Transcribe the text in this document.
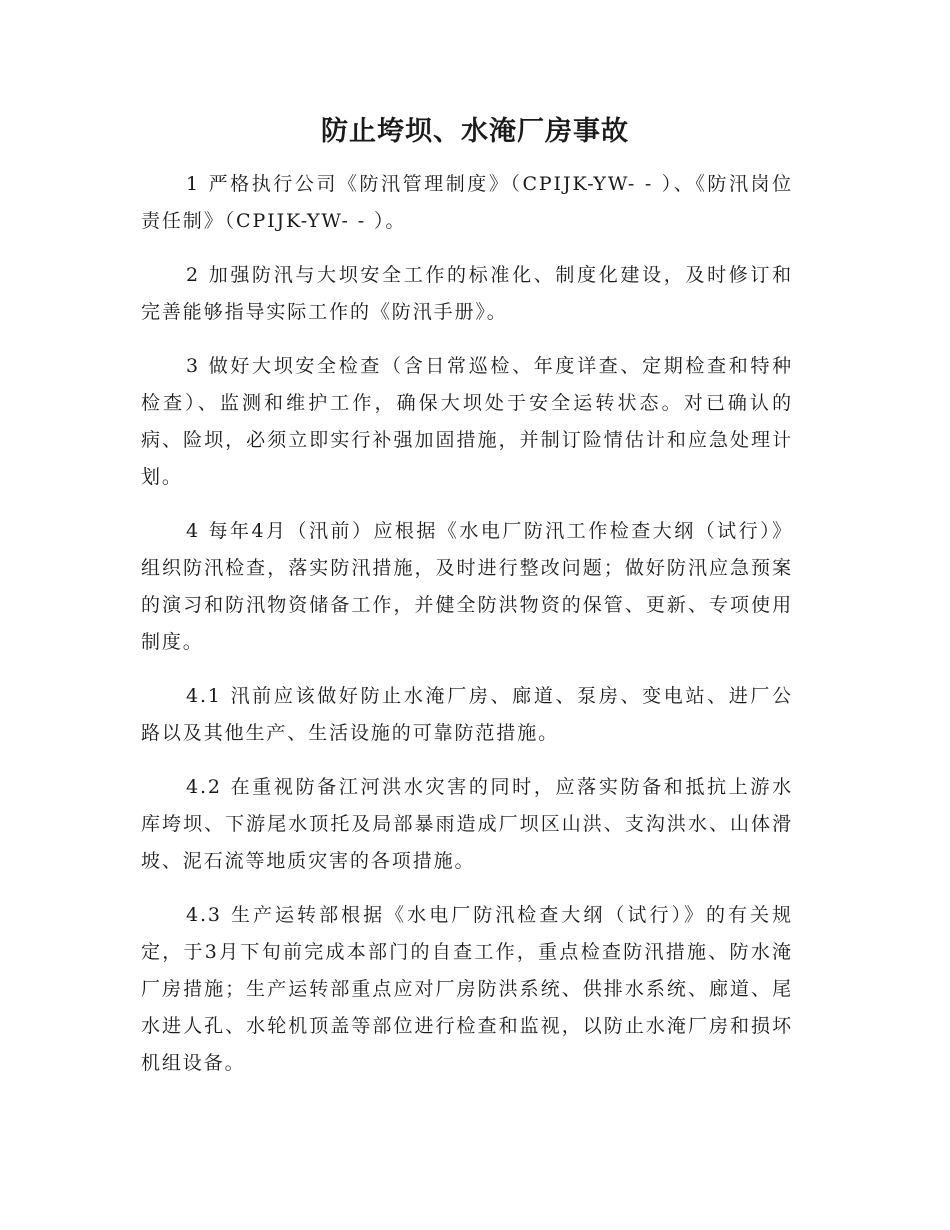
防止垮坝、水淹厂房事故

1 严格执行公司《防汛管理制度》（CPIJK-YW- - ）、《防汛岗位责任制》（CPIJK-YW- - ）。

2 加强防汛与大坝安全工作的标准化、制度化建设，及时修订和完善能够指导实际工作的《防汛手册》。

3 做好大坝安全检查（含日常巡检、年度详查、定期检查和特种检查）、监测和维护工作，确保大坝处于安全运转状态。对已确认的病、险坝，必须立即实行补强加固措施，并制订险情估计和应急处理计划。

4 每年4月（汛前）应根据《水电厂防汛工作检查大纲（试行）》组织防汛检查，落实防汛措施，及时进行整改问题；做好防汛应急预案的演习和防汛物资储备工作，并健全防洪物资的保管、更新、专项使用制度。

4.1 汛前应该做好防止水淹厂房、廊道、泵房、变电站、进厂公路以及其他生产、生活设施的可靠防范措施。

4.2 在重视防备江河洪水灾害的同时，应落实防备和抵抗上游水库垮坝、下游尾水顶托及局部暴雨造成厂坝区山洪、支沟洪水、山体滑坡、泥石流等地质灾害的各项措施。

4.3 生产运转部根据《水电厂防汛检查大纲（试行）》的有关规定，于3月下旬前完成本部门的自查工作，重点检查防汛措施、防水淹厂房措施；生产运转部重点应对厂房防洪系统、供排水系统、廊道、尾水进人孔、水轮机顶盖等部位进行检查和监视，以防止水淹厂房和损坏机组设备。
